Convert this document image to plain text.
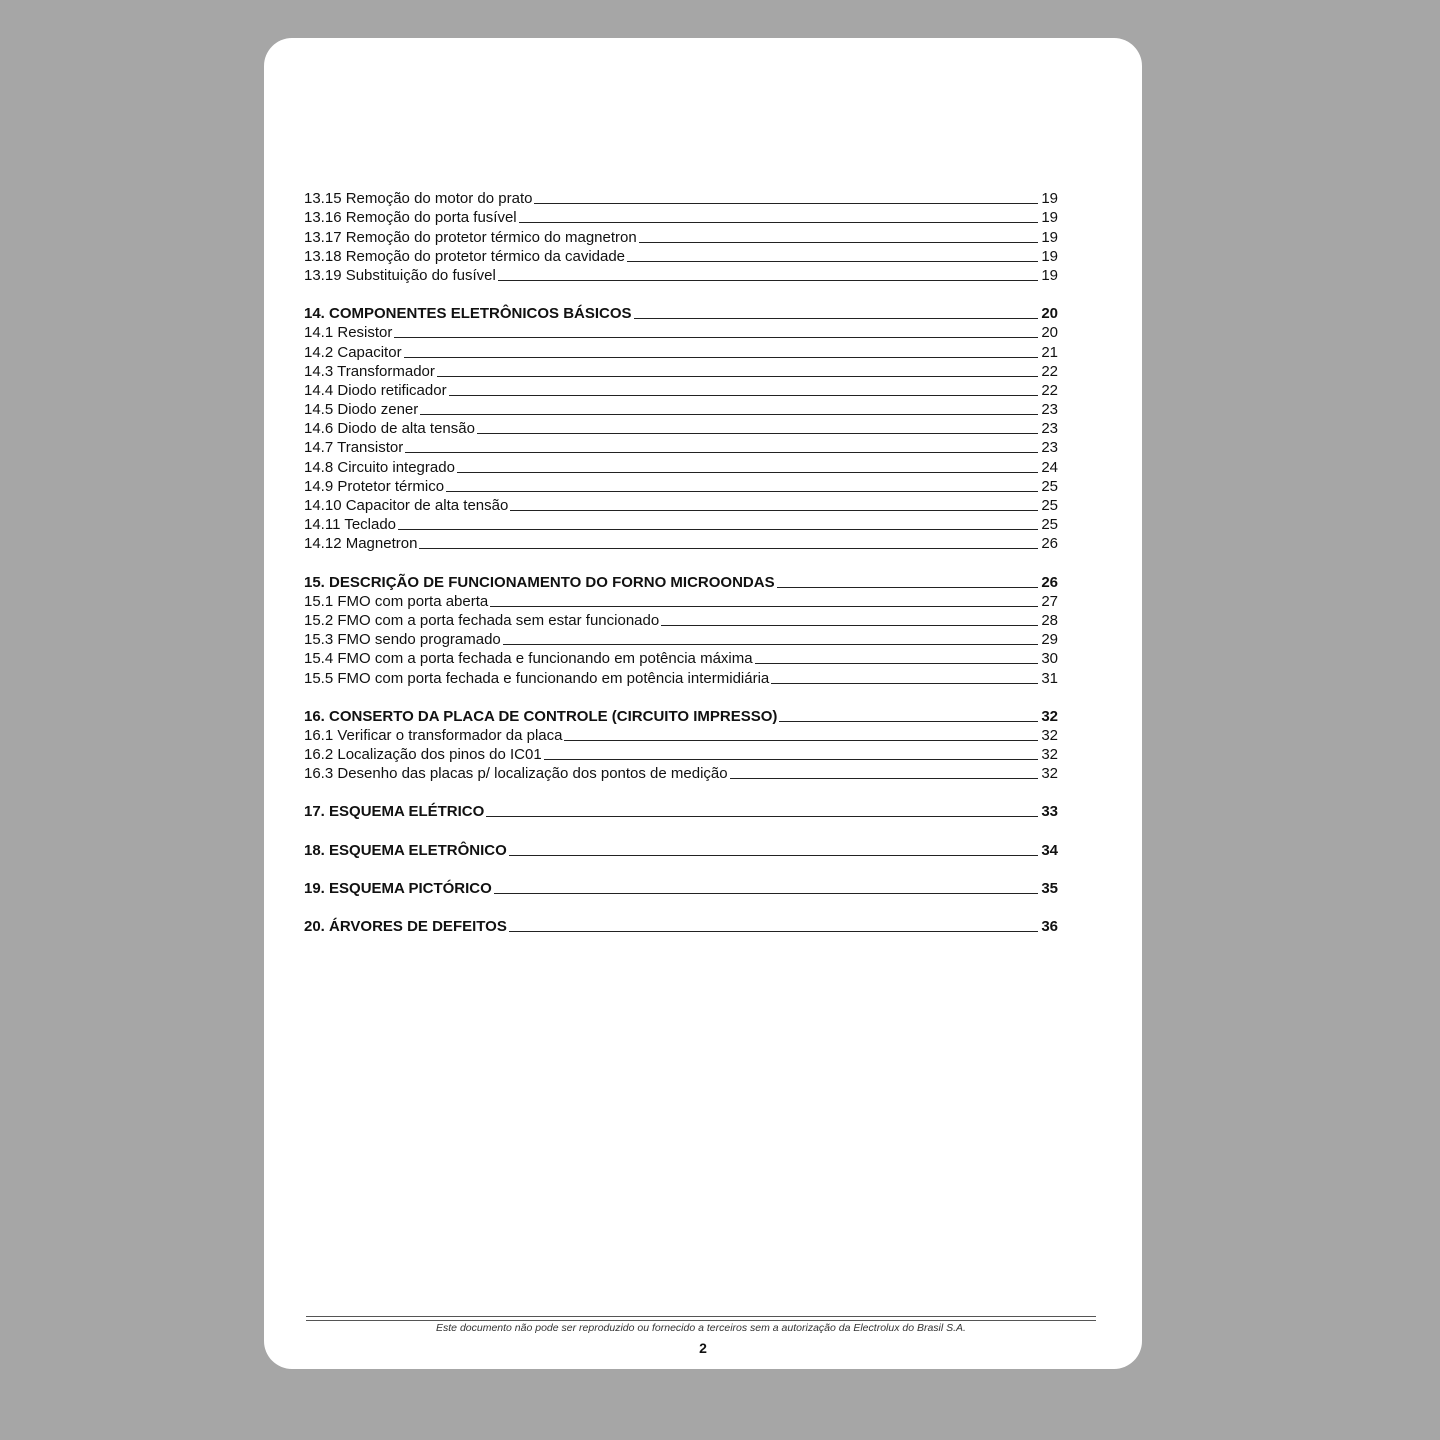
13.15 Remoção do motor do prato	19
13.16 Remoção do porta fusível	19
13.17 Remoção do protetor térmico do magnetron	19
13.18 Remoção do protetor térmico da cavidade	19
13.19 Substituição do fusível	19
14. COMPONENTES ELETRÔNICOS BÁSICOS	20
14.1 Resistor	20
14.2 Capacitor	21
14.3 Transformador	22
14.4 Diodo retificador	22
14.5 Diodo zener	23
14.6 Diodo de alta tensão	23
14.7 Transistor	23
14.8 Circuito integrado	24
14.9 Protetor térmico	25
14.10 Capacitor de alta tensão	25
14.11 Teclado	25
14.12 Magnetron	26
15. DESCRIÇÃO DE FUNCIONAMENTO DO FORNO MICROONDAS	26
15.1 FMO com porta aberta	27
15.2 FMO com a porta fechada sem estar funcionado	28
15.3 FMO sendo programado	29
15.4 FMO com a porta fechada e funcionando em potência máxima	30
15.5 FMO com porta fechada e funcionando em potência intermidiária	31
16. CONSERTO DA PLACA DE CONTROLE (CIRCUITO IMPRESSO)	32
16.1 Verificar o transformador da placa	32
16.2 Localização dos pinos do IC01	32
16.3 Desenho das placas p/ localização dos pontos de medição	32
17. ESQUEMA ELÉTRICO	33
18. ESQUEMA ELETRÔNICO	34
19. ESQUEMA PICTÓRICO	35
20. ÁRVORES DE DEFEITOS	36
Este documento não pode ser reproduzido ou fornecido a terceiros sem a autorização da Electrolux do Brasil S.A.
2
